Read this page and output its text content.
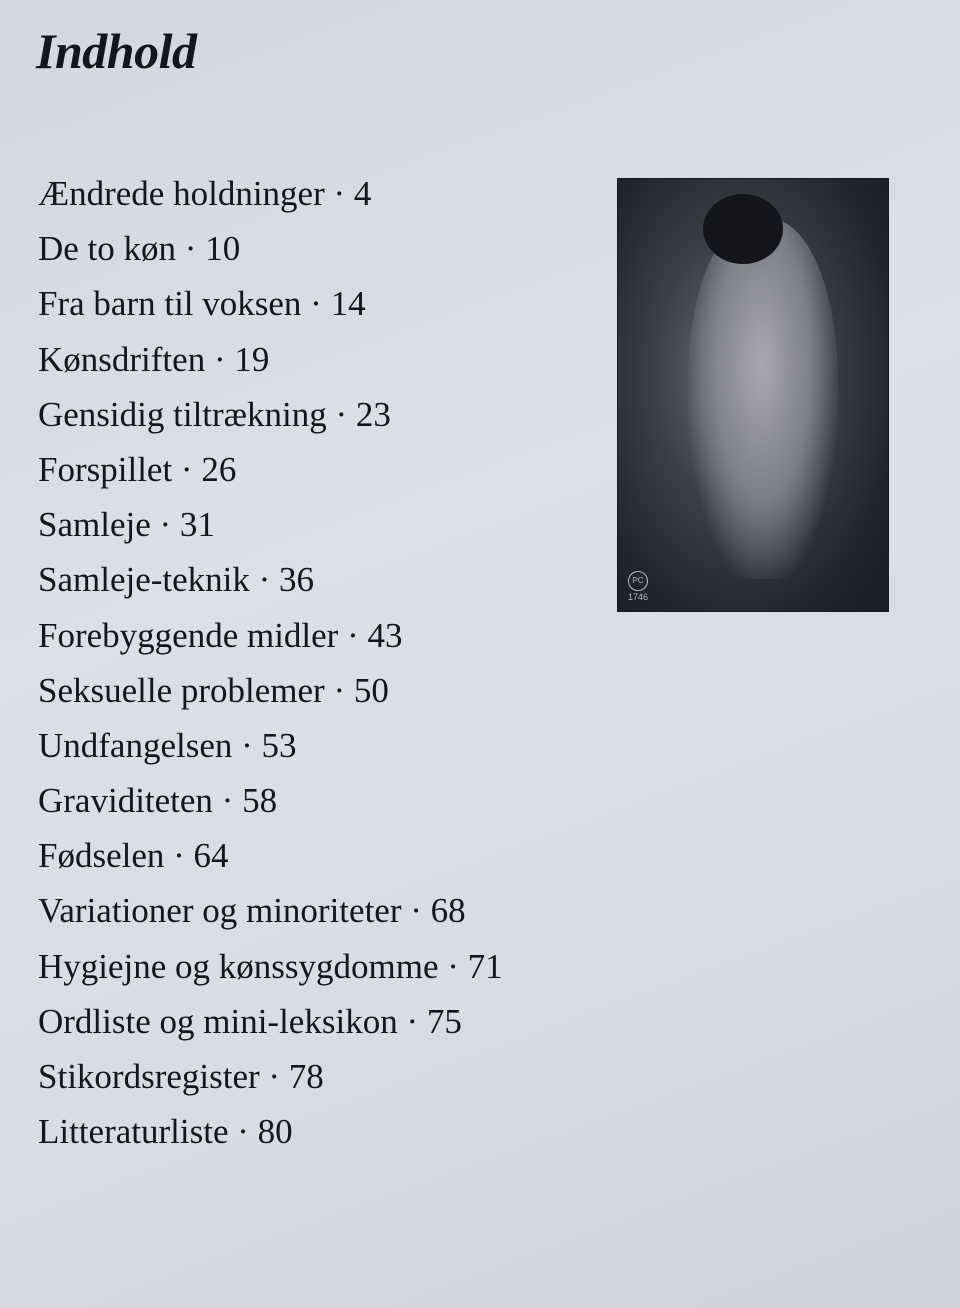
Indhold
Ændrede holdninger · 4
De to køn · 10
Fra barn til voksen · 14
Kønsdriften · 19
Gensidig tiltrækning · 23
Forspillet · 26
Samleje · 31
Samleje-teknik · 36
Forebyggende midler · 43
Seksuelle problemer · 50
Undfangelsen · 53
Graviditeten · 58
Fødselen · 64
Variationer og minoriteter · 68
Hygiejne og kønssygdomme · 71
Ordliste og mini-leksikon · 75
Stikordsregister · 78
Litteraturliste · 80
PC
1746
